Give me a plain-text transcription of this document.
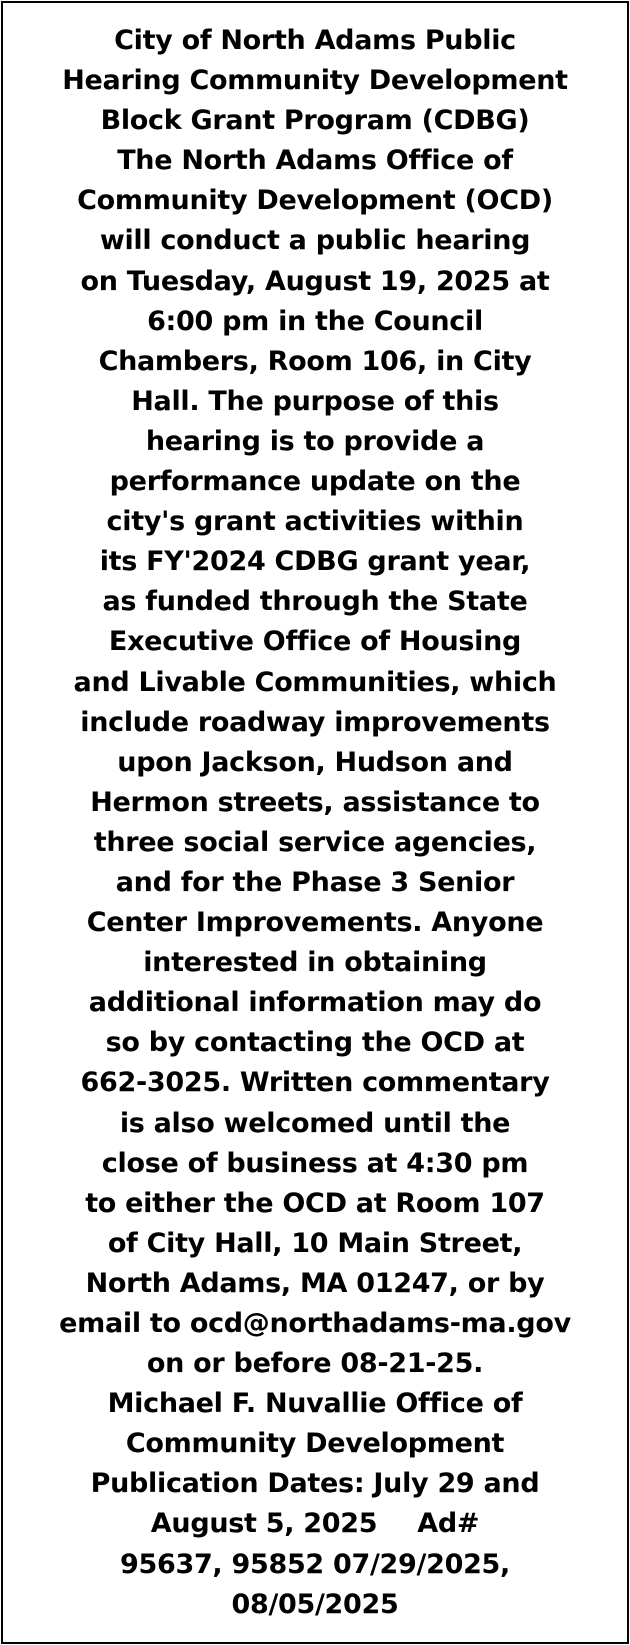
City of North Adams Public
Hearing Community Development
Block Grant Program (CDBG)
The North Adams Office of
Community Development (OCD)
will conduct a public hearing
on Tuesday, August 19, 2025 at
6:00 pm in the Council
Chambers, Room 106, in City
Hall. The purpose of this
hearing is to provide a
performance update on the
city's grant activities within
its FY'2024 CDBG grant year,
as funded through the State
Executive Office of Housing
and Livable Communities, which
include roadway improvements
upon Jackson, Hudson and
Hermon streets, assistance to
three social service agencies,
and for the Phase 3 Senior
Center Improvements. Anyone
interested in obtaining
additional information may do
so by contacting the OCD at
662-3025. Written commentary
is also welcomed until the
close of business at 4:30 pm
to either the OCD at Room 107
of City Hall, 10 Main Street,
North Adams, MA 01247, or by
email to ocd@northadams-ma.gov
on or before 08-21-25.
Michael F. Nuvallie Office of
Community Development
Publication Dates: July 29 and
August 5, 2025 Ad#
95637, 95852 07/29/2025,
08/05/2025
